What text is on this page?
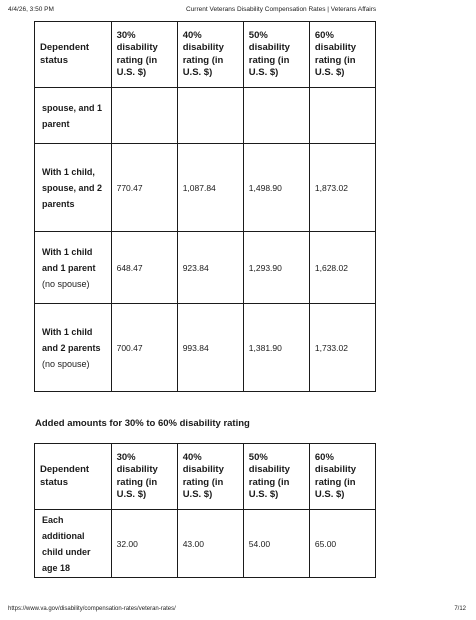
4/4/26, 3:50 PM	Current Veterans Disability Compensation Rates | Veterans Affairs
Dependent status	30% disability rating (in U.S. $)	40% disability rating (in U.S. $)	50% disability rating (in U.S. $)	60% disability rating (in U.S. $)
spouse, and 1 parent				
With 1 child, spouse, and 2 parents	770.47	1,087.84	1,498.90	1,873.02
With 1 child and 1 parent (no spouse)	648.47	923.84	1,293.90	1,628.02
With 1 child and 2 parents (no spouse)	700.47	993.84	1,381.90	1,733.02
Added amounts for 30% to 60% disability rating
Dependent status	30% disability rating (in U.S. $)	40% disability rating (in U.S. $)	50% disability rating (in U.S. $)	60% disability rating (in U.S. $)
Each additional child under age 18	32.00	43.00	54.00	65.00
https://www.va.gov/disability/compensation-rates/veteran-rates/	7/12
